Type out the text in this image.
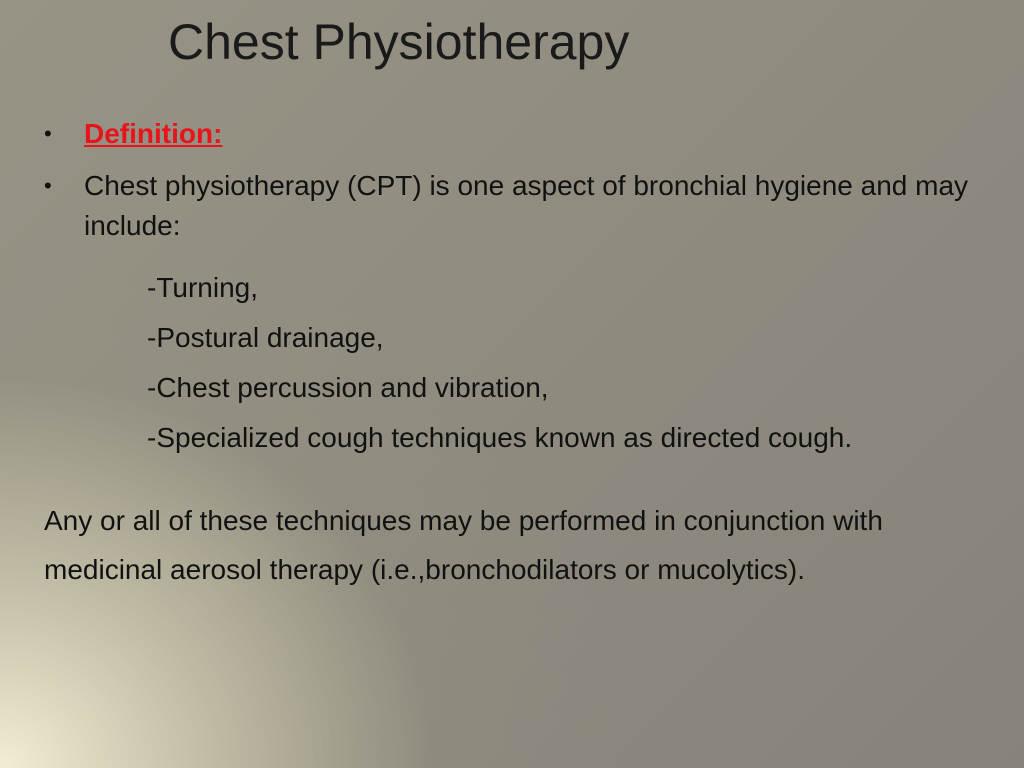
Chest Physiotherapy
• Definition:
• Chest physiotherapy (CPT) is one aspect of bronchial hygiene and may include:
-Turning,
-Postural drainage,
-Chest percussion and vibration,
-Specialized cough techniques known as directed cough.

Any or all of these techniques may be performed in conjunction with medicinal aerosol therapy (i.e.,bronchodilators or mucolytics).
